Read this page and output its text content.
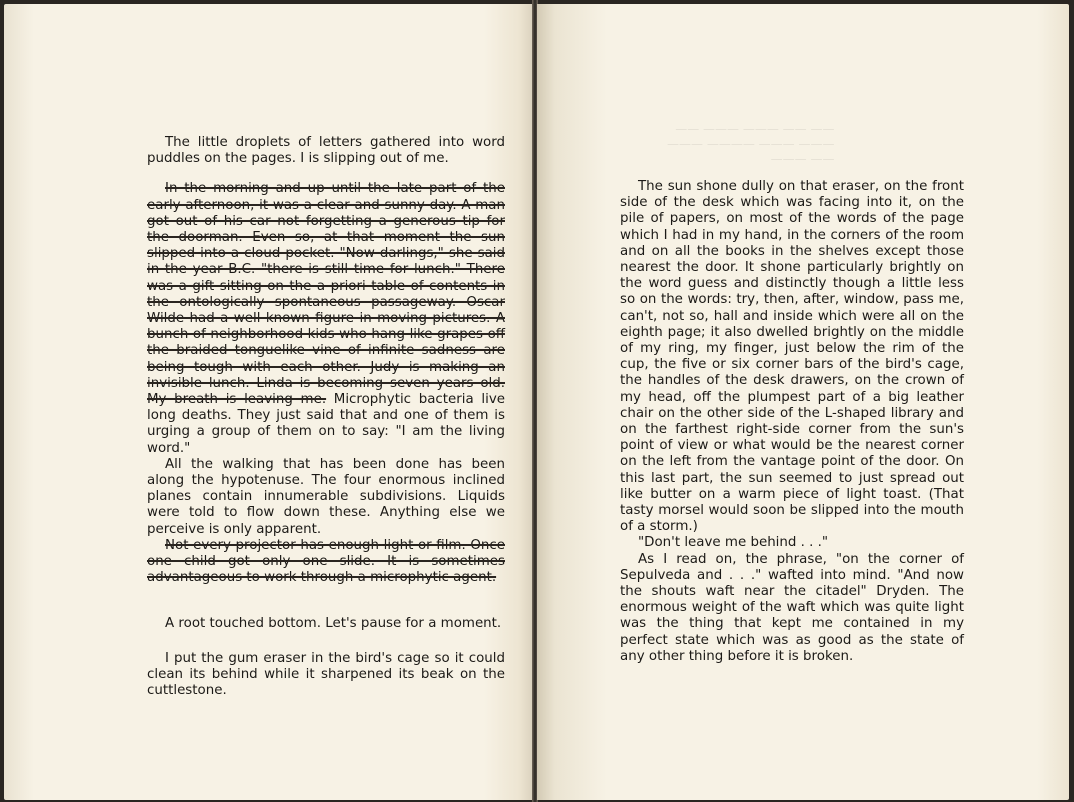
The little droplets of letters gathered into word puddles on the pages. I is slipping out of me.

In the morning and up until the late part of the early afternoon, it was a clear and sunny day. A man got out of his car not forgetting a generous tip for the doorman. Even so, at that moment the sun slipped into a cloud pocket. "Now darlings," she said in the year B.C. "there is still time for lunch." There was a gift sitting on the a priori table of contents in the ontologically spontaneous passageway. Oscar Wilde had a well known figure in moving pictures. A bunch of neighborhood kids who hang like grapes off the braided tonguelike vine of infinite sadness are being tough with each other. Judy is making an invisible lunch. Linda is becoming seven years old. My breath is leaving me. Microphytic bacteria live long deaths. They just said that and one of them is urging a group of them on to say: "I am the living word."

All the walking that has been done has been along the hypotenuse. The four enormous inclined planes contain innumerable subdivisions. Liquids were told to flow down these. Anything else we perceive is only apparent.

Not every projector has enough light or film. Once one child got only one slide. It is sometimes advantageous to work through a microphytic agent.

A root touched bottom. Let's pause for a moment.

I put the gum eraser in the bird's cage so it could clean its behind while it sharpened its beak on the cuttlestone.

—— —— ——— ——— ——
——— ——— ———— ———
—— ———

The sun shone dully on that eraser, on the front side of the desk which was facing into it, on the pile of papers, on most of the words of the page which I had in my hand, in the corners of the room and on all the books in the shelves except those nearest the door. It shone particularly brightly on the word guess and distinctly though a little less so on the words: try, then, after, window, pass me, can't, not so, hall and inside which were all on the eighth page; it also dwelled brightly on the middle of my ring, my finger, just below the rim of the cup, the five or six corner bars of the bird's cage, the handles of the desk drawers, on the crown of my head, off the plumpest part of a big leather chair on the other side of the L-shaped library and on the farthest right-side corner from the sun's point of view or what would be the nearest corner on the left from the vantage point of the door. On this last part, the sun seemed to just spread out like butter on a warm piece of light toast. (That tasty morsel would soon be slipped into the mouth of a storm.)

"Don't leave me behind . . ."

As I read on, the phrase, "on the corner of Sepulveda and . . ." wafted into mind. "And now the shouts waft near the citadel" Dryden. The enormous weight of the waft which was quite light was the thing that kept me contained in my perfect state which was as good as the state of any other thing before it is broken.
